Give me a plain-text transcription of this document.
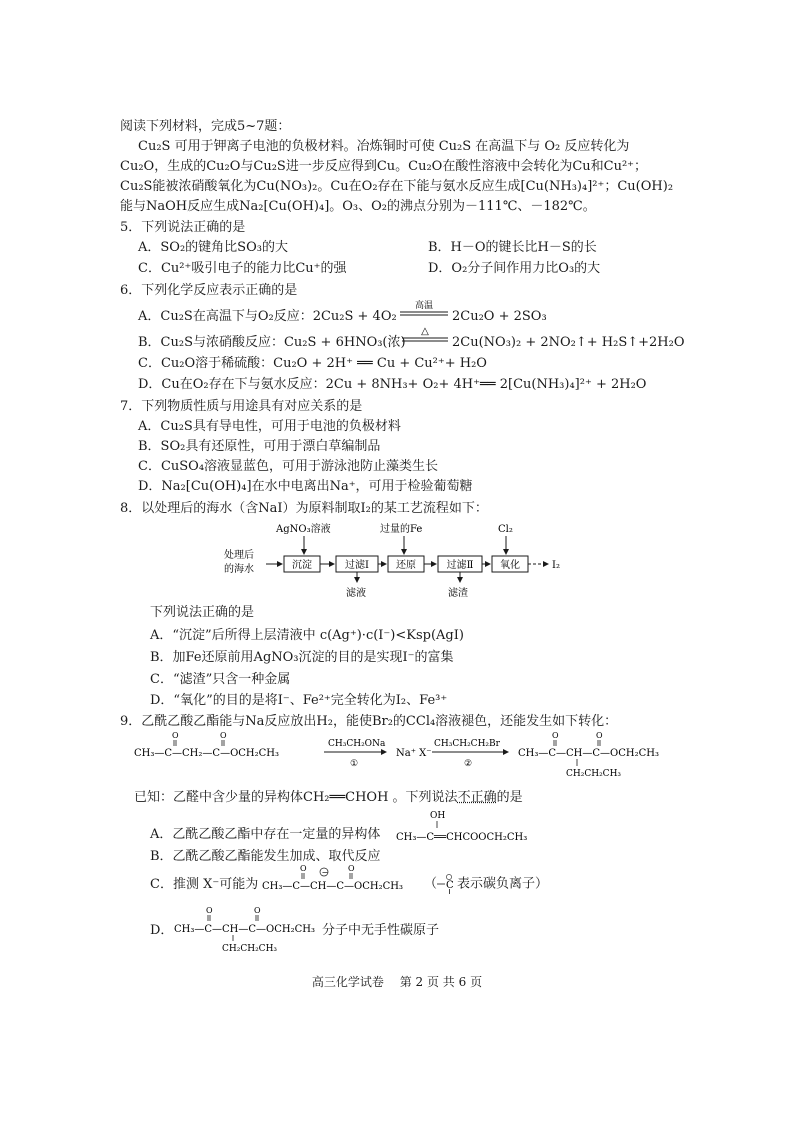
阅读下列材料，完成5~7题：
Cu₂S 可用于钾离子电池的负极材料。冶炼铜时可使 Cu₂S 在高温下与 O₂ 反应转化为
Cu₂O，生成的Cu₂O与Cu₂S进一步反应得到Cu。Cu₂O在酸性溶液中会转化为Cu和Cu²⁺；
Cu₂S能被浓硝酸氧化为Cu(NO₃)₂。Cu在O₂存在下能与氨水反应生成[Cu(NH₃)₄]²⁺；Cu(OH)₂
能与NaOH反应生成Na₂[Cu(OH)₄]。O₃、O₂的沸点分别为－111℃、－182℃。
5．下列说法正确的是
A．SO₂的键角比SO₃的大	B．H－O的键长比H－S的长
C．Cu²⁺吸引电子的能力比Cu⁺的强	D．O₂分子间作用力比O₃的大
6．下列化学反应表示正确的是
A．Cu₂S在高温下与O₂反应：2Cu₂S + 4O₂
高温
2Cu₂O + 2SO₃
B．Cu₂S与浓硝酸反应：Cu₂S + 6HNO₃(浓)
△
2Cu(NO₃)₂ + 2NO₂↑+ H₂S↑+2H₂O
C．Cu₂O溶于稀硫酸：Cu₂O + 2H⁺ ══ Cu + Cu²⁺+ H₂O
D．Cu在O₂存在下与氨水反应：2Cu + 8NH₃+ O₂+ 4H⁺══ 2[Cu(NH₃)₄]²⁺ + 2H₂O
7．下列物质性质与用途具有对应关系的是
A．Cu₂S具有导电性，可用于电池的负极材料
B．SO₂具有还原性，可用于漂白草编制品
C．CuSO₄溶液显蓝色，可用于游泳池防止藻类生长
D．Na₂[Cu(OH)₄]在水中电离出Na⁺，可用于检验葡萄糖
8．以处理后的海水（含NaI）为原料制取I₂的某工艺流程如下：
处理后
的海水
AgNO₃溶液	过量的Fe	Cl₂
沉淀	过滤Ⅰ	还原	过滤Ⅱ	氧化	I₂
滤液	滤渣
下列说法正确的是
A．“沉淀”后所得上层清液中 c(Ag⁺)·c(I⁻)<Ksp(AgI)
B．加Fe还原前用AgNO₃沉淀的目的是实现I⁻的富集
C．“滤渣”只含一种金属
D．“氧化”的目的是将I⁻、Fe²⁺完全转化为I₂、Fe³⁺
9．乙酰乙酸乙酯能与Na反应放出H₂，能使Br₂的CCl₄溶液褪色，还能发生如下转化：
O	O
CH₃—C—CH₂—C—OCH₂CH₃
CH₃CH₂ONa
①
Na⁺ X⁻
CH₃CH₂CH₂Br
②
O	O
CH₃—C—CH—C—OCH₂CH₃
CH₂CH₂CH₃
已知：乙醛中含少量的异构体CH₂══CHOH 。下列说法不正确的是
A．乙酰乙酸乙酯中存在一定量的异构体
OH
CH₃—C══CHCOOCH₂CH₃
B．乙酰乙酸乙酯能发生加成、取代反应
C．推测 X⁻可能为
O − O
CH₃—C—CH—C—OCH₂CH₃ （ C 表示碳负离子）
D．
O	O
CH₃—C—CH—C—OCH₂CH₃
CH₂CH₂CH₃
分子中无手性碳原子
高三化学试卷　 第 2 页 共 6 页
